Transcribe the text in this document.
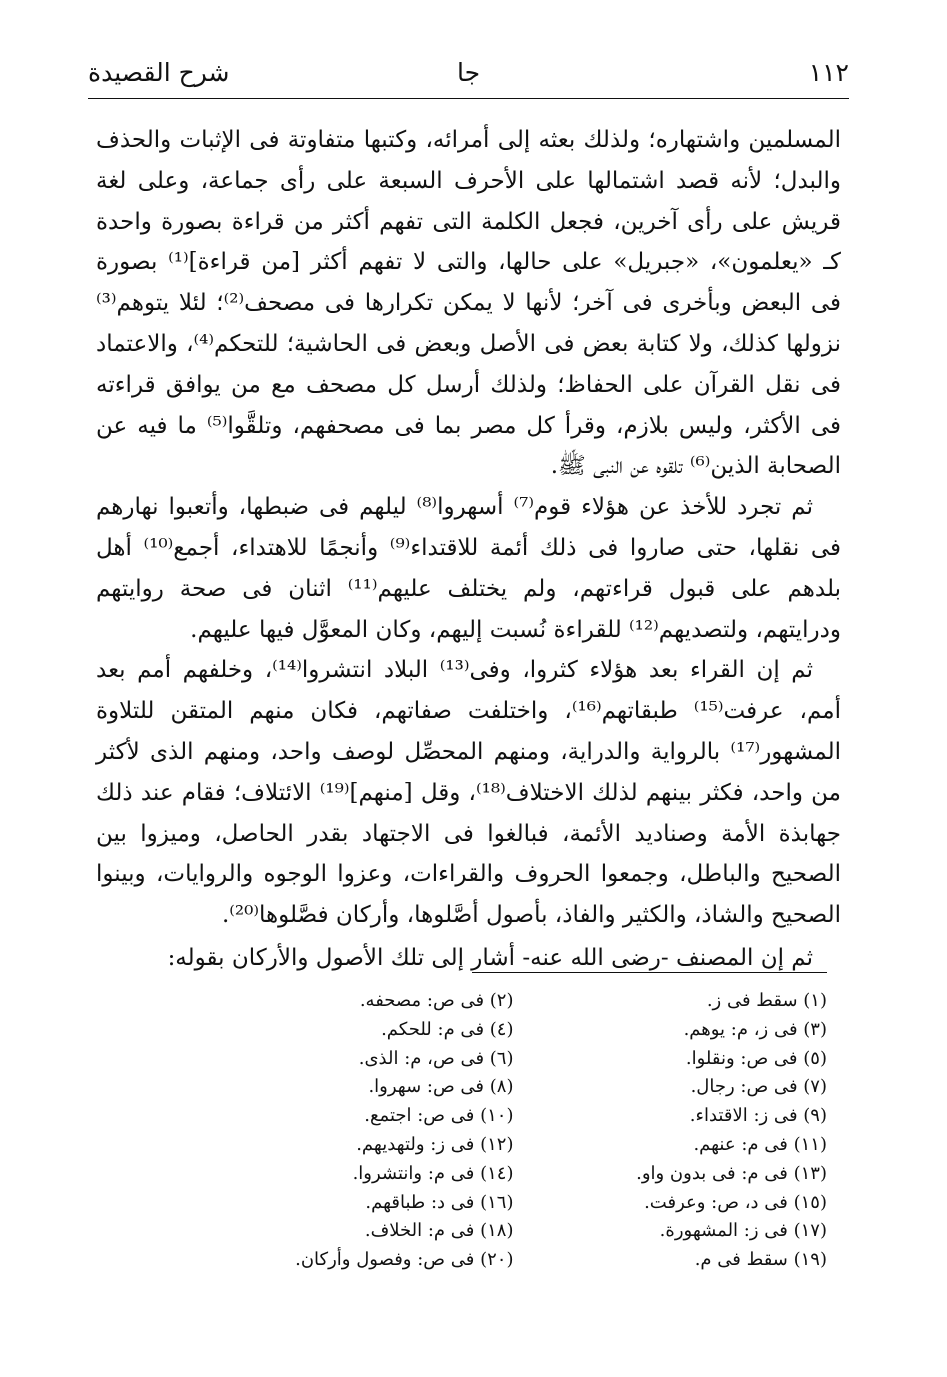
١١٢
جا
شرح القصيدة

المسلمين واشتهاره؛ ولذلك بعثه إلى أمرائه، وكتبها متفاوتة فى الإثبات والحذف والبدل؛ لأنه قصد اشتمالها على الأحرف السبعة على رأى جماعة، وعلى لغة قريش على رأى آخرين، فجعل الكلمة التى تفهم أكثر من قراءة بصورة واحدة كـ «يعلمون»، «جبريل» على حالها، والتى لا تفهم أكثر [من قراءة]⁽¹⁾ بصورة فى البعض وبأخرى فى آخر؛ لأنها لا يمكن تكرارها فى مصحف⁽²⁾؛ لئلا يتوهم⁽³⁾ نزولها كذلك، ولا كتابة بعض فى الأصل وبعض فى الحاشية؛ للتحكم⁽⁴⁾، والاعتماد فى نقل القرآن على الحفاظ؛ ولذلك أرسل كل مصحف مع من يوافق قراءته فى الأكثر، وليس بلازم، وقرأ كل مصر بما فى مصحفهم، وتلقَّوا⁽⁵⁾ ما فيه عن الصحابة الذين⁽⁶⁾ تلقوه عن النبى ﷺ.

ثم تجرد للأخذ عن هؤلاء قوم⁽⁷⁾ أسهروا⁽⁸⁾ ليلهم فى ضبطها، وأتعبوا نهارهم فى نقلها، حتى صاروا فى ذلك أئمة للاقتداء⁽⁹⁾ وأنجمًا للاهتداء، أجمع⁽¹⁰⁾ أهل بلدهم على قبول قراءتهم، ولم يختلف عليهم⁽¹¹⁾ اثنان فى صحة روايتهم ودرايتهم، ولتصديهم⁽¹²⁾ للقراءة نُسبت إليهم، وكان المعوَّل فيها عليهم.

ثم إن القراء بعد هؤلاء كثروا، وفى⁽¹³⁾ البلاد انتشروا⁽¹⁴⁾، وخلفهم أمم بعد أمم، عرفت⁽¹⁵⁾ طبقاتهم⁽¹⁶⁾، واختلفت صفاتهم، فكان منهم المتقن للتلاوة المشهور⁽¹⁷⁾ بالرواية والدراية، ومنهم المحصِّل لوصف واحد، ومنهم الذى لأكثر من واحد، فكثر بينهم لذلك الاختلاف⁽¹⁸⁾، وقل [منهم]⁽¹⁹⁾ الائتلاف؛ فقام عند ذلك جهابذة الأمة وصناديد الأئمة، فبالغوا فى الاجتهاد بقدر الحاصل، وميزوا بين الصحيح والباطل، وجمعوا الحروف والقراءات، وعزوا الوجوه والروايات، وبينوا الصحيح والشاذ، والكثير والفاذ، بأصول أصَّلوها، وأركان فصَّلوها⁽²⁰⁾.

ثم إن المصنف -رضى الله عنه- أشار إلى تلك الأصول والأركان بقوله:

(١) سقط فى ز.
(٢) فى ص: مصحفه.
(٣) فى ز، م: يوهم.
(٤) فى م: للحكم.
(٥) فى ص: ونقلوا.
(٦) فى ص، م: الذى.
(٧) فى ص: رجال.
(٨) فى ص: سهروا.
(٩) فى ز: الاقتداء.
(١٠) فى ص: اجتمع.
(١١) فى م: عنهم.
(١٢) فى ز: ولتهديهم.
(١٣) فى م: فى بدون واو.
(١٤) فى م: وانتشروا.
(١٥) فى د، ص: وعرفت.
(١٦) فى د: طباقهم.
(١٧) فى ز: المشهورة.
(١٨) فى م: الخلاف.
(١٩) سقط فى م.
(٢٠) فى ص: وفصول وأركان.
